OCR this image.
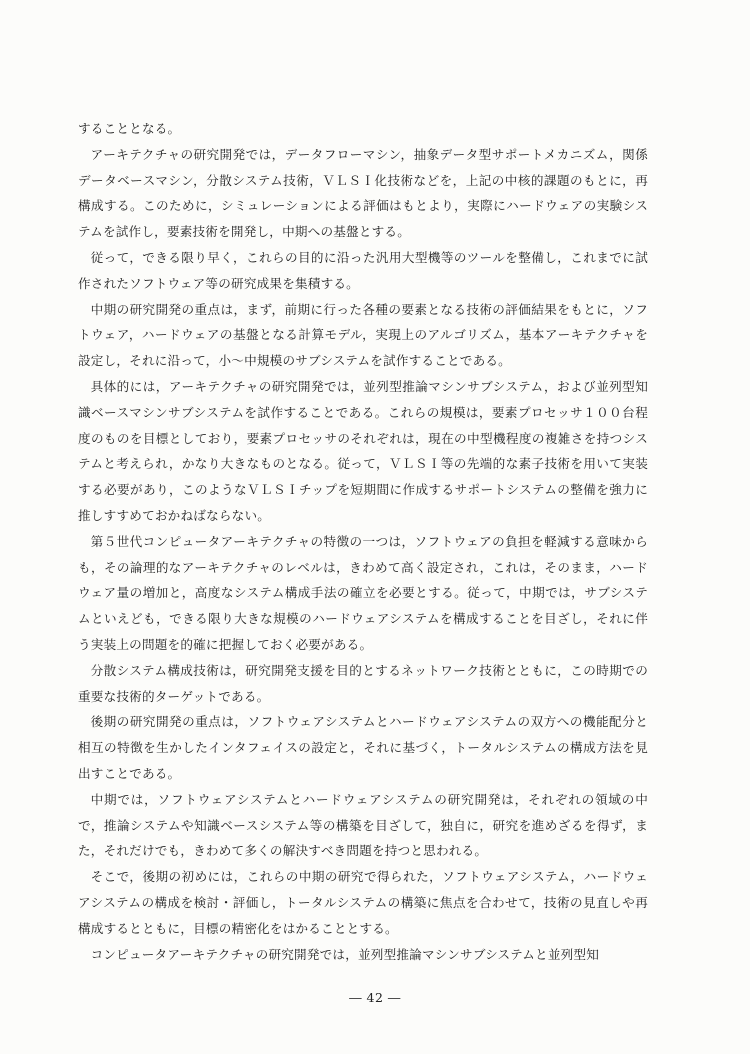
することとなる。

アーキテクチャの研究開発では，データフローマシン，抽象データ型サポートメカニズム，関係データベースマシン，分散システム技術，ＶＬＳＩ化技術などを，上記の中核的課題のもとに，再構成する。このために，シミュレーションによる評価はもとより，実際にハードウェアの実験システムを試作し，要素技術を開発し，中期への基盤とする。

従って，できる限り早く，これらの目的に沿った汎用大型機等のツールを整備し，これまでに試作されたソフトウェア等の研究成果を集積する。

中期の研究開発の重点は，まず，前期に行った各種の要素となる技術の評価結果をもとに，ソフトウェア，ハードウェアの基盤となる計算モデル，実現上のアルゴリズム，基本アーキテクチャを設定し，それに沿って，小～中規模のサブシステムを試作することである。

具体的には，アーキテクチャの研究開発では，並列型推論マシンサブシステム，および並列型知識ベースマシンサブシステムを試作することである。これらの規模は，要素プロセッサ１００台程度のものを目標としており，要素プロセッサのそれぞれは，現在の中型機程度の複雑さを持つシステムと考えられ，かなり大きなものとなる。従って，ＶＬＳＩ等の先端的な素子技術を用いて実装する必要があり，このようなＶＬＳＩチップを短期間に作成するサポートシステムの整備を強力に推しすすめておかねばならない。

第５世代コンピュータアーキテクチャの特徴の一つは，ソフトウェアの負担を軽減する意味からも，その論理的なアーキテクチャのレベルは，きわめて高く設定され，これは，そのまま，ハードウェア量の増加と，高度なシステム構成手法の確立を必要とする。従って，中期では，サブシステムといえども，できる限り大きな規模のハードウェアシステムを構成することを目ざし，それに伴う実装上の問題を的確に把握しておく必要がある。

分散システム構成技術は，研究開発支援を目的とするネットワーク技術とともに，この時期での重要な技術的ターゲットである。

後期の研究開発の重点は，ソフトウェアシステムとハードウェアシステムの双方への機能配分と相互の特徴を生かしたインタフェイスの設定と，それに基づく，トータルシステムの構成方法を見出すことである。

中期では，ソフトウェアシステムとハードウェアシステムの研究開発は，それぞれの領域の中で，推論システムや知識ベースシステム等の構築を目ざして，独自に，研究を進めざるを得ず，また，それだけでも，きわめて多くの解決すべき問題を持つと思われる。

そこで，後期の初めには，これらの中期の研究で得られた，ソフトウェアシステム，ハードウェアシステムの構成を検討・評価し，トータルシステムの構築に焦点を合わせて，技術の見直しや再構成するとともに，目標の精密化をはかることとする。

コンピュータアーキテクチャの研究開発では，並列型推論マシンサブシステムと並列型知

― 42 ―
